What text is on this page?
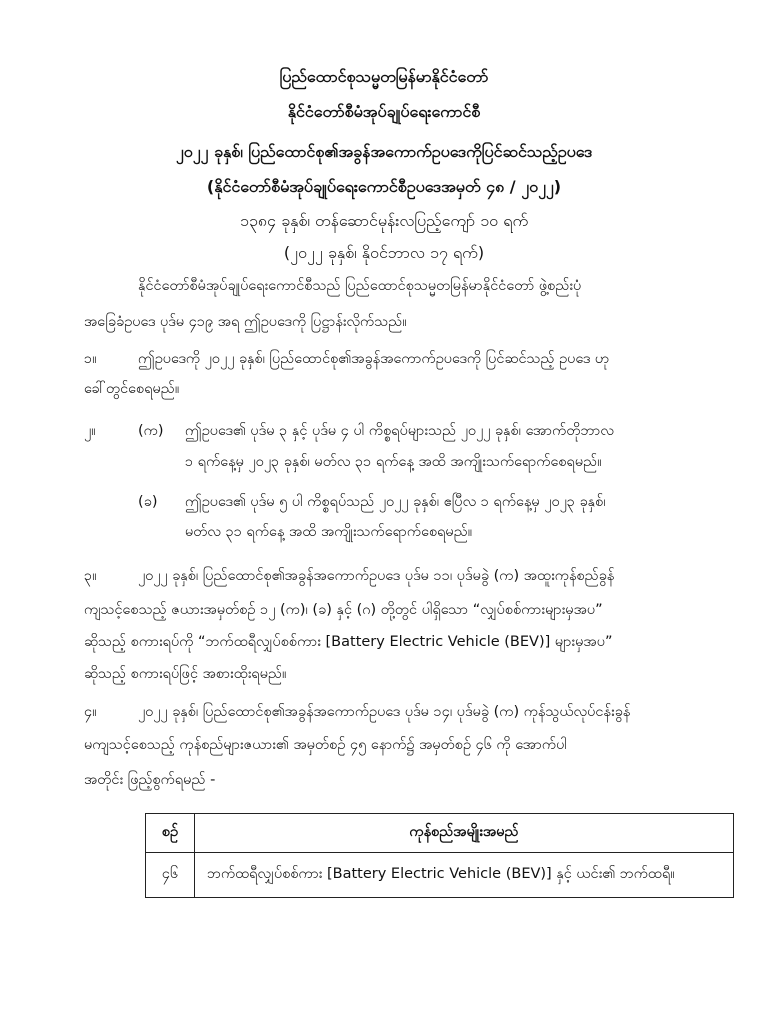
ပြည်ထောင်စုသမ္မတမြန်မာနိုင်ငံတော်
နိုင်ငံတော်စီမံအုပ်ချုပ်ရေးကောင်စီ
၂၀၂၂ ခုနှစ်၊ ပြည်ထောင်စု၏အခွန်အကောက်ဥပဒေကိုပြင်ဆင်သည့်ဥပဒေ
(နိုင်ငံတော်စီမံအုပ်ချုပ်ရေးကောင်စီဥပဒေအမှတ် ၄၈ / ၂၀၂၂)
၁၃၈၄ ခုနှစ်၊ တန်ဆောင်မုန်းလပြည့်ကျော် ၁၀ ရက်
(၂၀၂၂ ခုနှစ်၊ နိုဝင်ဘာလ ၁၇ ရက်)
နိုင်ငံတော်စီမံအုပ်ချုပ်ရေးကောင်စီသည် ပြည်ထောင်စုသမ္မတမြန်မာနိုင်ငံတော် ဖွဲ့စည်းပုံ
အခြေခံဥပဒေ ပုဒ်မ ၄၁၉ အရ ဤဥပဒေကို ပြဋ္ဌာန်းလိုက်သည်။
၁။	ဤဥပဒေကို ၂၀၂၂ ခုနှစ်၊ ပြည်ထောင်စု၏အခွန်အကောက်ဥပဒေကို ပြင်ဆင်သည့် ဥပဒေ ဟု
ခေါ်တွင်စေရမည်။
၂။	(က) ဤဥပဒေ၏ ပုဒ်မ ၃ နှင့် ပုဒ်မ ၄ ပါ ကိစ္စရပ်များသည် ၂၀၂၂ ခုနှစ်၊ အောက်တိုဘာလ
၁ ရက်နေ့မှ ၂၀၂၃ ခုနှစ်၊ မတ်လ ၃၁ ရက်နေ့ အထိ အကျိုးသက်ရောက်စေရမည်။
(ခ) ဤဥပဒေ၏ ပုဒ်မ ၅ ပါ ကိစ္စရပ်သည် ၂၀၂၂ ခုနှစ်၊ ဧပြီလ ၁ ရက်နေ့မှ ၂၀၂၃ ခုနှစ်၊
မတ်လ ၃၁ ရက်နေ့ အထိ အကျိုးသက်ရောက်စေရမည်။
၃။	၂၀၂၂ ခုနှစ်၊ ပြည်ထောင်စု၏အခွန်အကောက်ဥပဒေ ပုဒ်မ ၁၁၊ ပုဒ်မခွဲ (က) အထူးကုန်စည်ခွန်
ကျသင့်စေသည့် ဇယားအမှတ်စဉ် ၁၂ (က)၊ (ခ) နှင့် (ဂ) တို့တွင် ပါရှိသော “လျှပ်စစ်ကားများမှအပ”
ဆိုသည့် စကားရပ်ကို “ဘက်ထရီလျှပ်စစ်ကား [Battery Electric Vehicle (BEV)] များမှအပ”
ဆိုသည့် စကားရပ်ဖြင့် အစားထိုးရမည်။
၄။	၂၀၂၂ ခုနှစ်၊ ပြည်ထောင်စု၏အခွန်အကောက်ဥပဒေ ပုဒ်မ ၁၄၊ ပုဒ်မခွဲ (က) ကုန်သွယ်လုပ်ငန်းခွန်
မကျသင့်စေသည့် ကုန်စည်များဇယား၏ အမှတ်စဉ် ၄၅ နောက်၌ အမှတ်စဉ် ၄၆ ကို အောက်ပါ
အတိုင်း ဖြည့်စွက်ရမည် -
စဉ်	ကုန်စည်အမျိုးအမည်
၄၆	ဘက်ထရီလျှပ်စစ်ကား [Battery Electric Vehicle (BEV)] နှင့် ယင်း၏ ဘက်ထရီ။
